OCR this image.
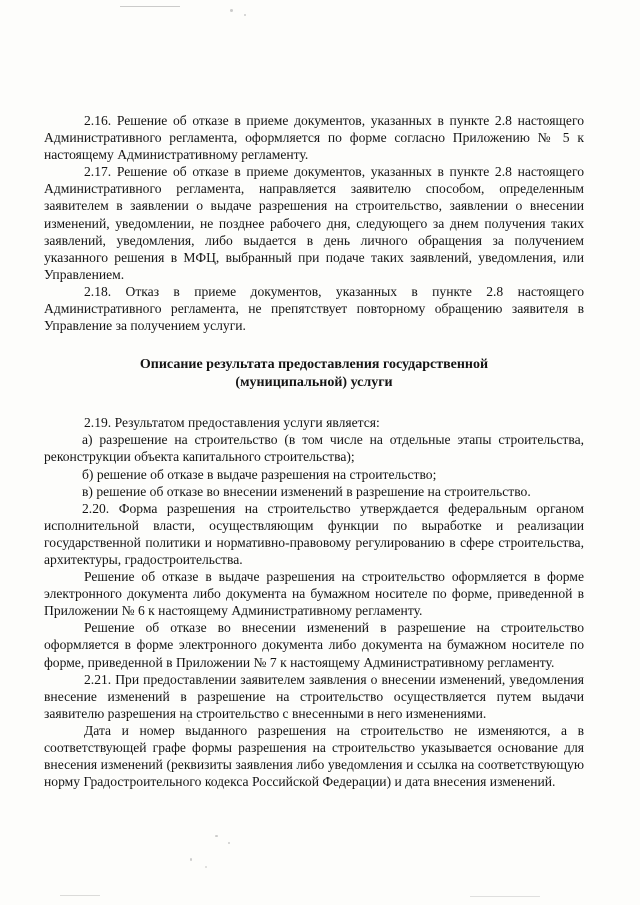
2.16. Решение об отказе в приеме документов, указанных в пункте 2.8 настоящего Административного регламента, оформляется по форме согласно Приложению № 5 к настоящему Административному регламенту.

2.17. Решение об отказе в приеме документов, указанных в пункте 2.8 настоящего Административного регламента, направляется заявителю способом, определенным заявителем в заявлении о выдаче разрешения на строительство, заявлении о внесении изменений, уведомлении, не позднее рабочего дня, следующего за днем получения таких заявлений, уведомления, либо выдается в день личного обращения за получением указанного решения в МФЦ, выбранный при подаче таких заявлений, уведомления, или Управлением.

2.18. Отказ в приеме документов, указанных в пункте 2.8 настоящего Административного регламента, не препятствует повторному обращению заявителя в Управление за получением услуги.

Описание результата предоставления государственной

(муниципальной) услуги

2.19. Результатом предоставления услуги является:

а) разрешение на строительство (в том числе на отдельные этапы строительства, реконструкции объекта капитального строительства);

б) решение об отказе в выдаче разрешения на строительство;

в) решение об отказе во внесении изменений в разрешение на строительство.

2.20. Форма разрешения на строительство утверждается федеральным органом исполнительной власти, осуществляющим функции по выработке и реализации государственной политики и нормативно-правовому регулированию в сфере строительства, архитектуры, градостроительства.

Решение об отказе в выдаче разрешения на строительство оформляется в форме электронного документа либо документа на бумажном носителе по форме, приведенной в Приложении № 6 к настоящему Административному регламенту.

Решение об отказе во внесении изменений в разрешение на строительство оформляется в форме электронного документа либо документа на бумажном носителе по форме, приведенной в Приложении № 7 к настоящему Административному регламенту.

2.21. При предоставлении заявителем заявления о внесении изменений, уведомления внесение изменений в разрешение на строительство осуществляется путем выдачи заявителю разрешения на строительство с внесенными в него изменениями.

Дата и номер выданного разрешения на строительство не изменяются, а в соответствующей графе формы разрешения на строительство указывается основание для внесения изменений (реквизиты заявления либо уведомления и ссылка на соответствующую норму Градостроительного кодекса Российской Федерации) и дата внесения изменений.
